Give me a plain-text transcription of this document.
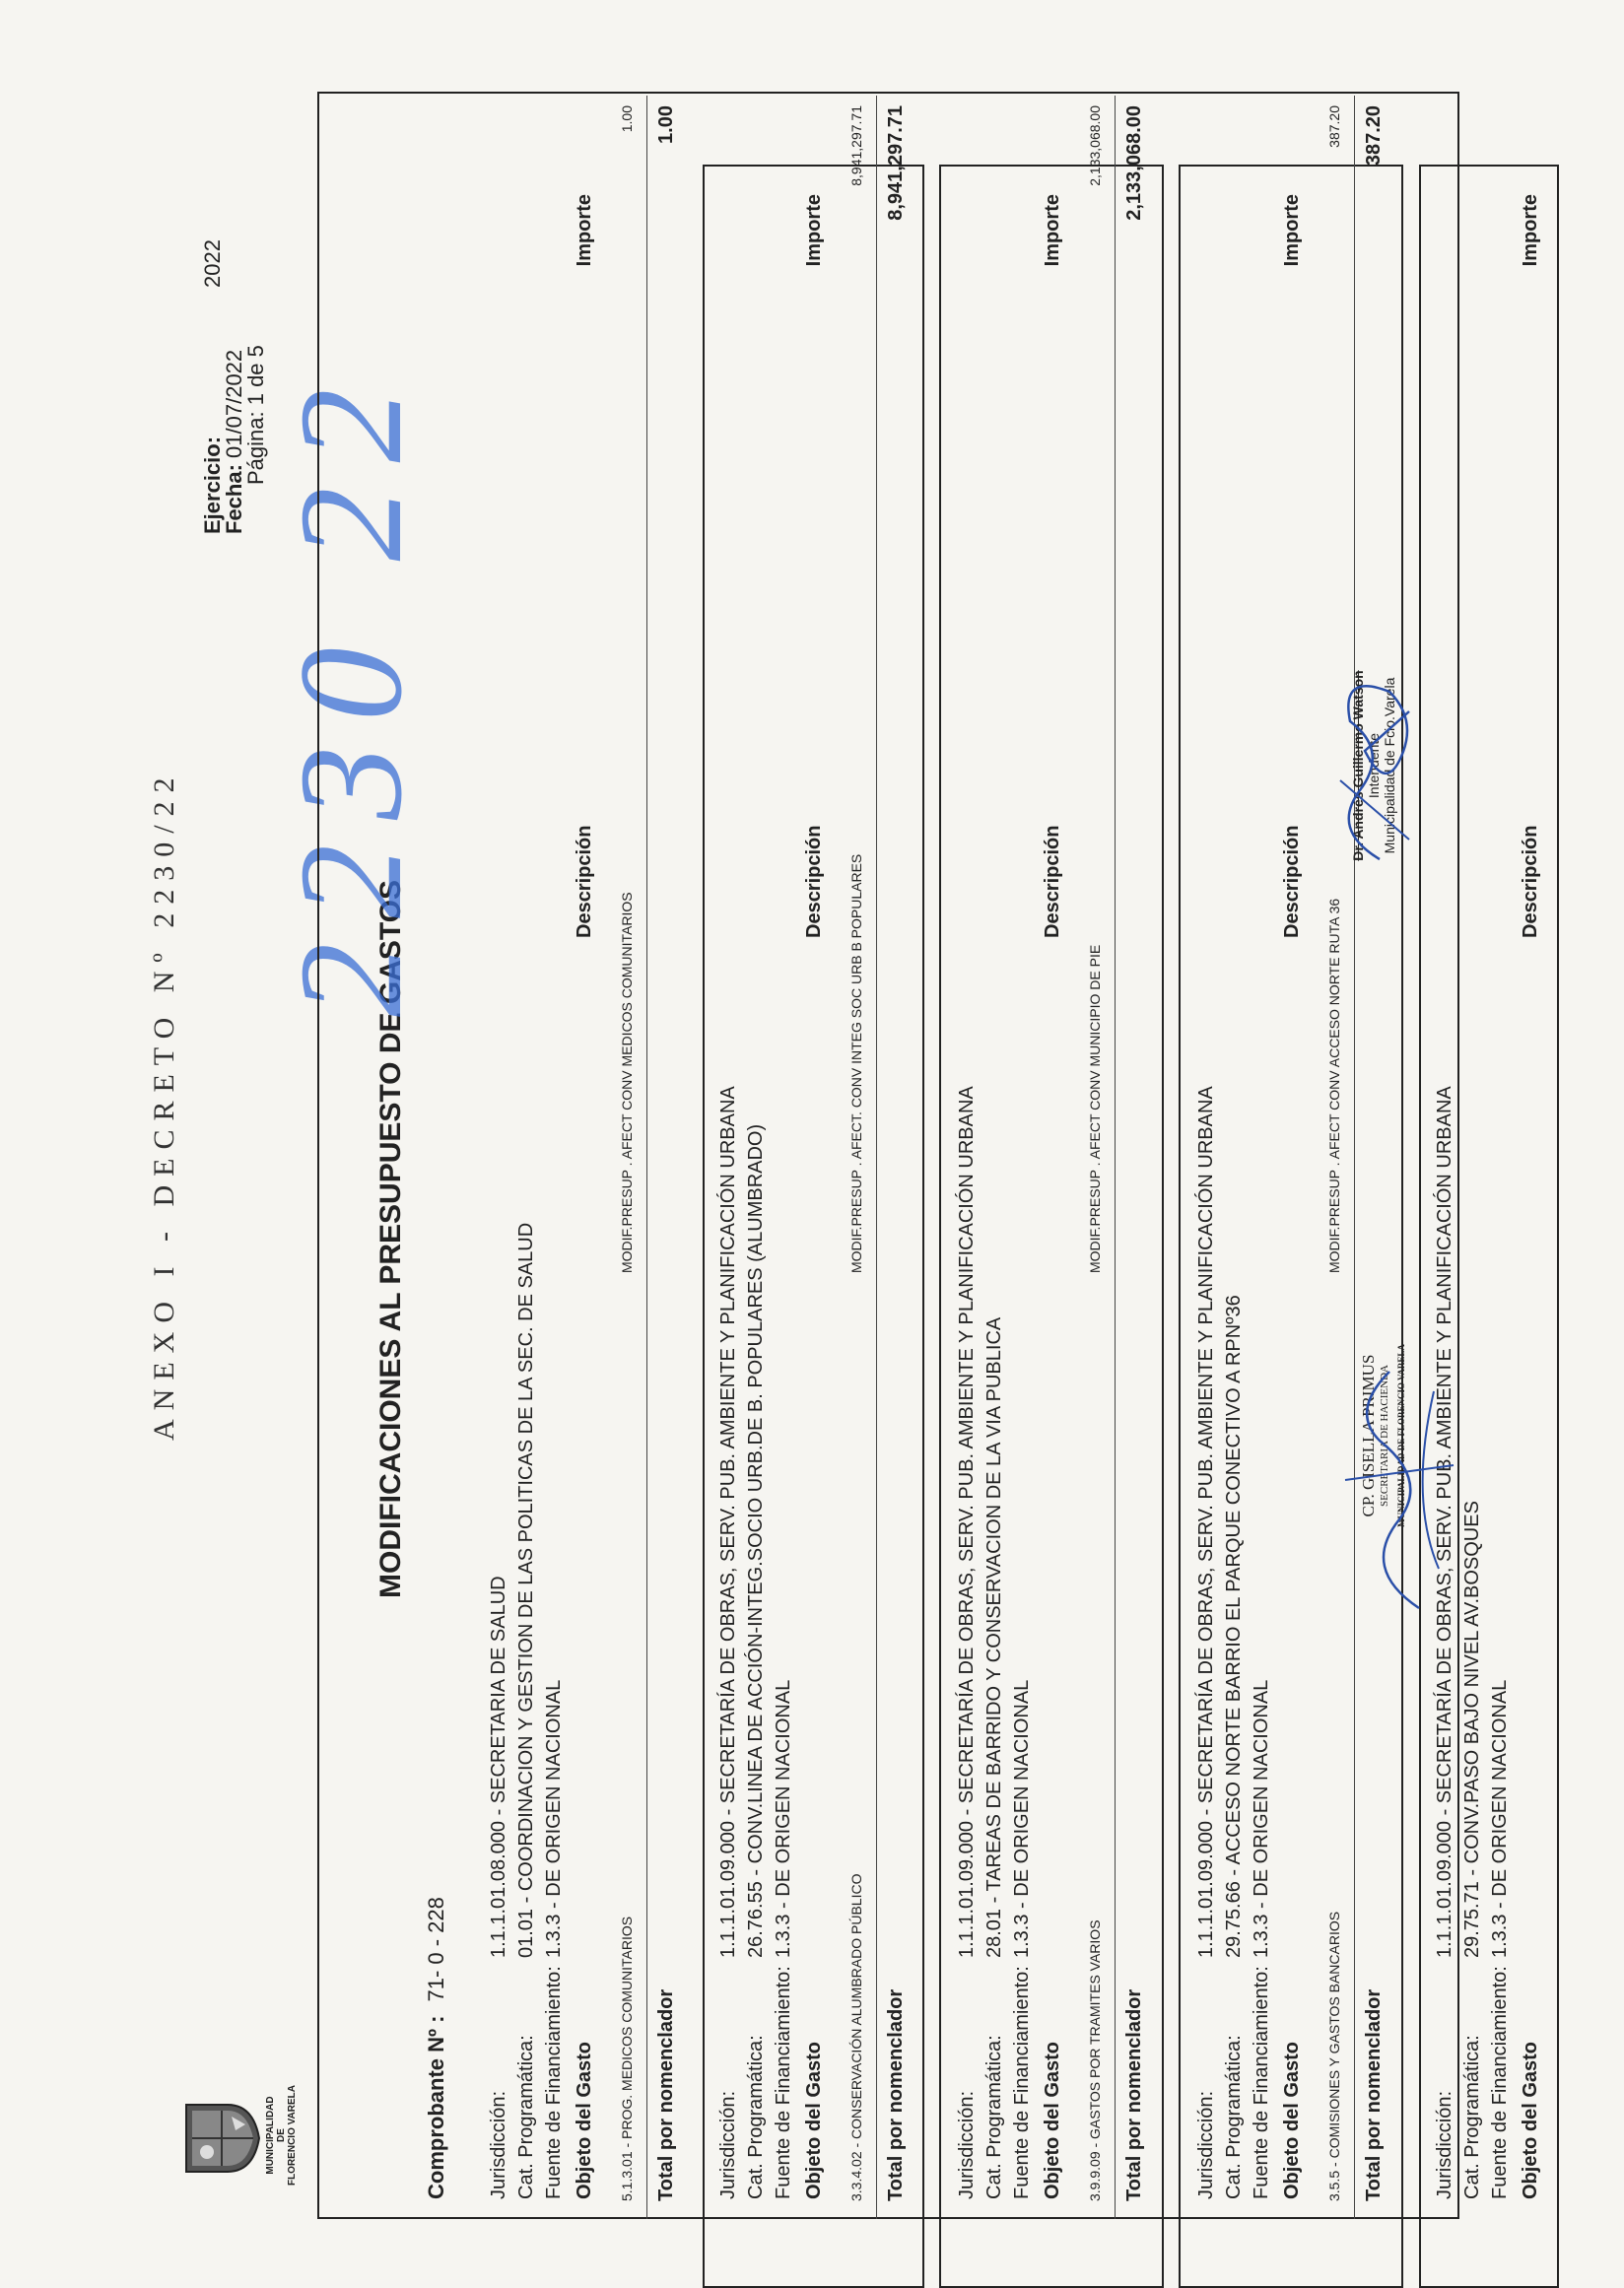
MUNICIPALIDAD DE FLORENCIO VARELA
ANEXO I - DECRETO Nº 2230/22	MODIFICACIONES AL PRESUPUESTO DE GASTOS
2230 22
Ejercicio:
2022
Fecha: 01/07/2022
Página: 1 de 5
Comprobante Nº :71- 0 - 228
Jurisdicción:
1.1.1.01.08.000 - SECRETARIA DE SALUD
Cat. Programática:
01.01 - COORDINACION Y GESTION DE LAS POLITICAS DE LA SEC. DE SALUD
Fuente de Financiamiento:
1.3.3 - DE ORIGEN NACIONAL
Objeto del Gasto
Descripción
Importe
5.1.3.01 - PROG. MEDICOS COMUNITARIOS
MODIF.PRESUP . AFECT CONV MEDICOS COMUNITARIOS
1.00
Total por nomenclador
1.00
Jurisdicción:
1.1.1.01.09.000 - SECRETARÍA DE OBRAS, SERV. PUB. AMBIENTE Y PLANIFICACIÓN URBANA
Cat. Programática:
26.76.55 - CONV.LINEA DE ACCIÓN-INTEG.SOCIO URB.DE B. POPULARES (ALUMBRADO)
Fuente de Financiamiento:
1.3.3 - DE ORIGEN NACIONAL
Objeto del Gasto
Descripción
Importe
3.3.4.02 - CONSERVACIÓN ALUMBRADO PÚBLICO
MODIF.PRESUP . AFECT. CONV INTEG SOC URB B POPULARES
8,941,297.71
Total por nomenclador
8,941,297.71
Jurisdicción:
1.1.1.01.09.000 - SECRETARÍA DE OBRAS, SERV. PUB. AMBIENTE Y PLANIFICACIÓN URBANA
Cat. Programática:
28.01 - TAREAS DE BARRIDO Y CONSERVACION DE LA VIA PUBLICA
Fuente de Financiamiento:
1.3.3 - DE ORIGEN NACIONAL
Objeto del Gasto
Descripción
Importe
3.9.9.09 - GASTOS POR TRAMITES VARIOS
MODIF.PRESUP . AFECT CONV MUNICIPIO DE PIE
2,133,068.00
Total por nomenclador
2,133,068.00
Jurisdicción:
1.1.1.01.09.000 - SECRETARÍA DE OBRAS, SERV. PUB. AMBIENTE Y PLANIFICACIÓN URBANA
Cat. Programática:
29.75.66 - ACCESO NORTE BARRIO EL PARQUE CONECTIVO A RPNº36
Fuente de Financiamiento:
1.3.3 - DE ORIGEN NACIONAL
Objeto del Gasto
Descripción
Importe
3.5.5 - COMISIONES Y GASTOS BANCARIOS
MODIF.PRESUP . AFECT CONV ACCESO NORTE RUTA 36
387.20
Total por nomenclador
387.20
Jurisdicción:
1.1.1.01.09.000 - SECRETARÍA DE OBRAS, SERV. PUB. AMBIENTE Y PLANIFICACIÓN URBANA
Cat. Programática:
29.75.71 - CONV.PASO BAJO NIVEL AV.BOSQUES
Fuente de Financiamiento:
1.3.3 - DE ORIGEN NACIONAL
Objeto del Gasto
Descripción
Importe
Dr. Andrés Guillermo Watson Intendente Municipalidad de Fcio.Varela
CP. GISELLA PRIMUS SECRETARIA DE HACIENDA MUNICIPALIDAD DE FLORENCIO VARELA
